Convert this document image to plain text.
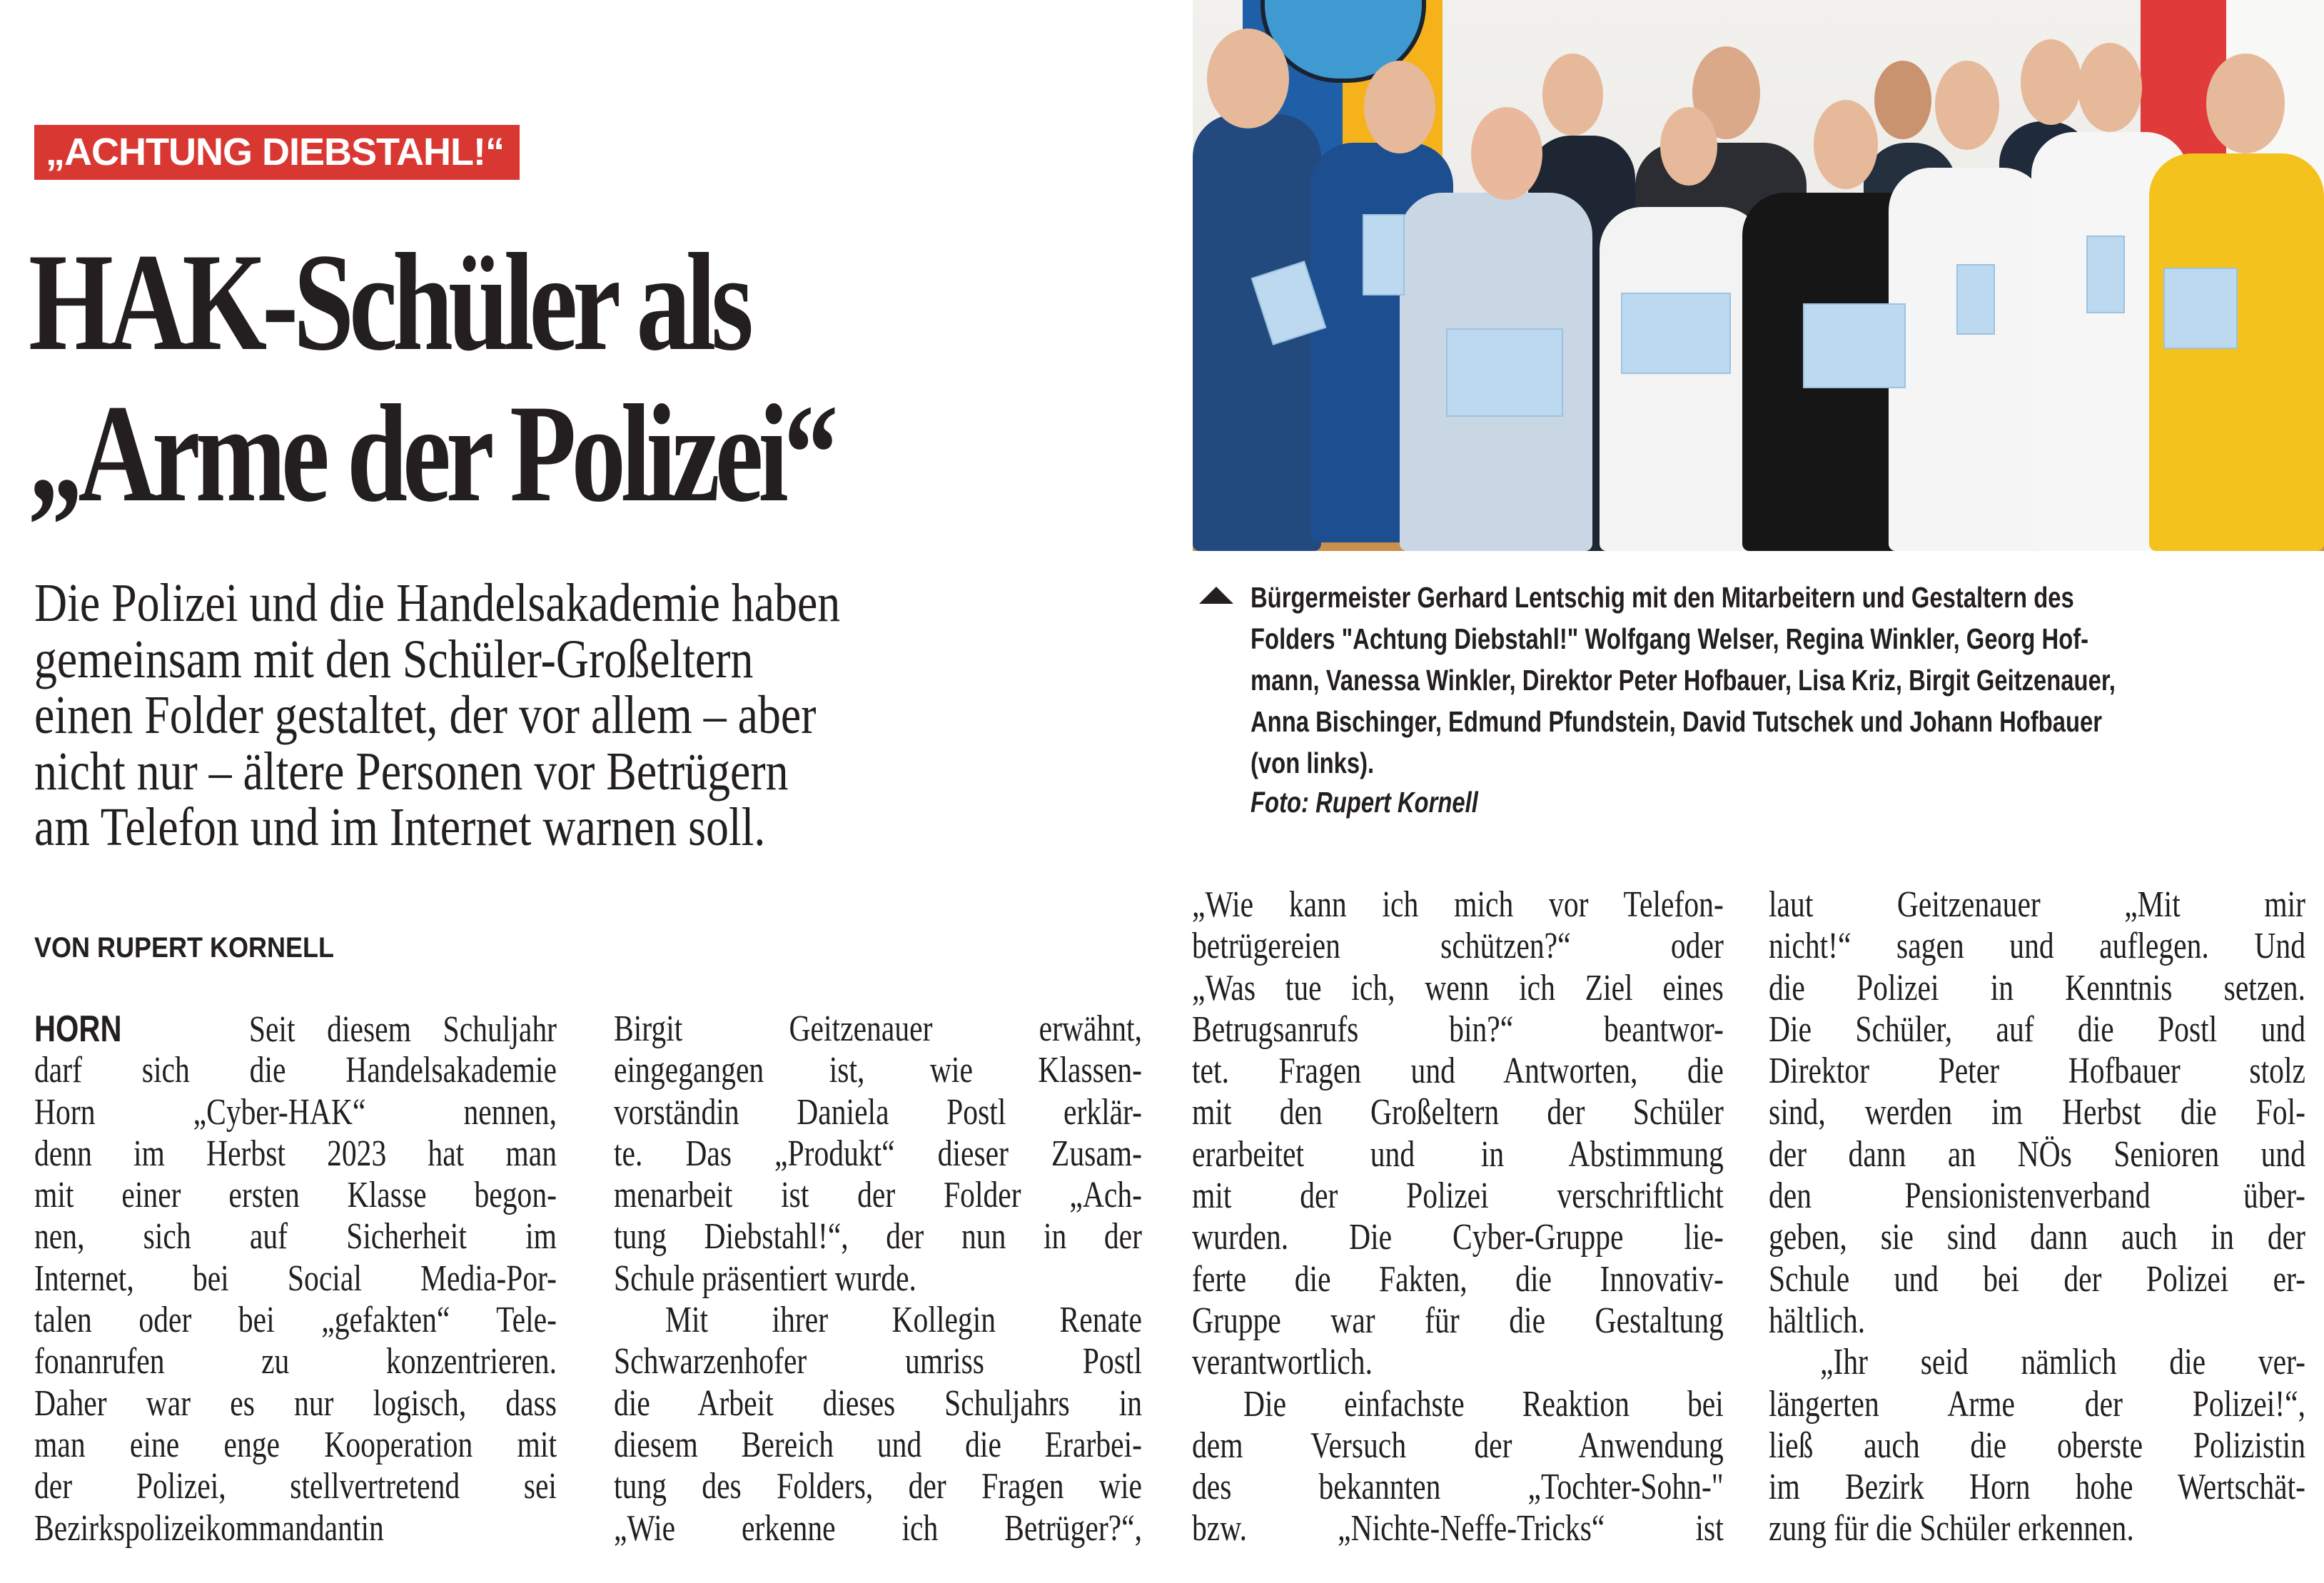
„ACHTUNG DIEBSTAHL!“
HAK-Schüler als
„Arme der Polizei“

Die Polizei und die Handelsakademie haben
gemeinsam mit den Schüler-Großeltern
einen Folder gestaltet, der vor allem – aber
nicht nur – ältere Personen vor Betrügern
am Telefon und im Internet warnen soll.

VON RUPERT KORNELL
Bürgermeister Gerhard Lentschig mit den Mitarbeitern und Gestaltern des
Folders "Achtung Diebstahl!" Wolfgang Welser, Regina Winkler, Georg Hof-
mann, Vanessa Winkler, Direktor Peter Hofbauer, Lisa Kriz, Birgit Geitzenauer,
Anna Bischinger, Edmund Pfundstein, David Tutschek und Johann Hofbauer
(von links).
Foto: Rupert Kornell
HORN	Seit diesem Schuljahr
darf sich die Handelsakademie
Horn „Cyber-HAK“ nennen,
denn im Herbst 2023 hat man
mit einer ersten Klasse begon-
nen, sich auf Sicherheit im
Internet, bei Social Media-Por-
talen oder bei „gefakten“ Tele-
fonanrufen zu konzentrieren.
Daher war es nur logisch, dass
man eine enge Kooperation mit
der Polizei, stellvertretend sei
Bezirkspolizeikommandantin
Birgit Geitzenauer erwähnt,
eingegangen ist, wie Klassen-
vorständin Daniela Postl erklär-
te. Das „Produkt“ dieser Zusam-
menarbeit ist der Folder „Ach-
tung Diebstahl!“, der nun in der
Schule präsentiert wurde.
Mit ihrer Kollegin Renate
Schwarzenhofer umriss Postl
die Arbeit dieses Schuljahrs in
diesem Bereich und die Erarbei-
tung des Folders, der Fragen wie
„Wie erkenne ich Betrüger?“,
„Wie kann ich mich vor Telefon-
betrügereien schützen?“ oder
„Was tue ich, wenn ich Ziel eines
Betrugsanrufs bin?“ beantwor-
tet. Fragen und Antworten, die
mit den Großeltern der Schüler
erarbeitet und in Abstimmung
mit der Polizei verschriftlicht
wurden. Die Cyber-Gruppe lie-
ferte die Fakten, die Innovativ-
Gruppe war für die Gestaltung
verantwortlich.
Die einfachste Reaktion bei
dem Versuch der Anwendung
des bekannten „Tochter-Sohn-"
bzw. „Nichte-Neffe-Tricks“ ist
laut Geitzenauer „Mit mir
nicht!“ sagen und auflegen. Und
die Polizei in Kenntnis setzen.
Die Schüler, auf die Postl und
Direktor Peter Hofbauer stolz
sind, werden im Herbst die Fol-
der dann an NÖs Senioren und
den Pensionistenverband über-
geben, sie sind dann auch in der
Schule und bei der Polizei er-
hältlich.
„Ihr seid nämlich die ver-
längerten Arme der Polizei!“,
ließ auch die oberste Polizistin
im Bezirk Horn hohe Wertschät-
zung für die Schüler erkennen.
